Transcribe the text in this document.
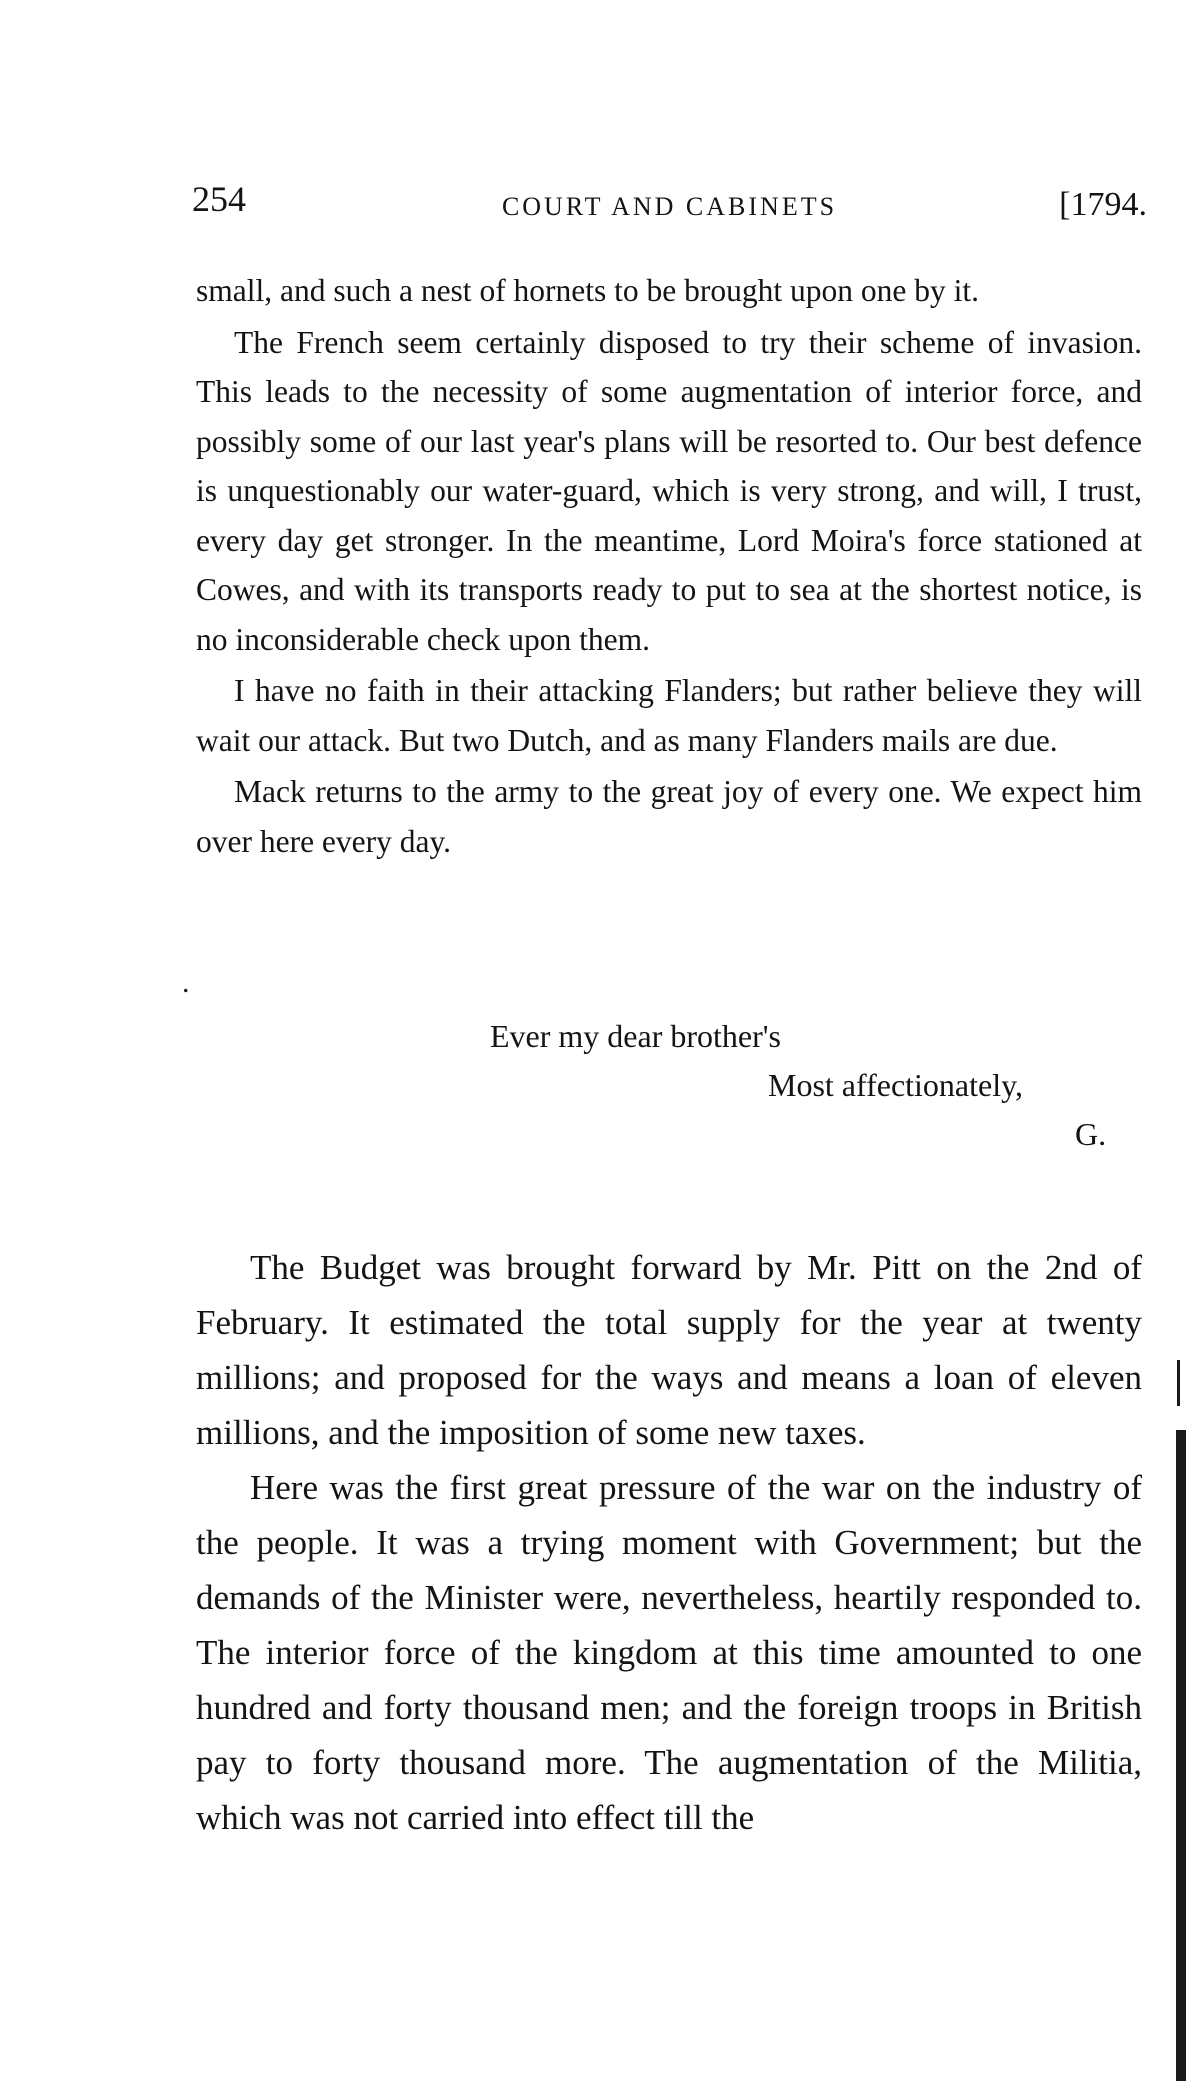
254	COURT AND CABINETS	[1794.

small, and such a nest of hornets to be brought upon one by it.

The French seem certainly disposed to try their scheme of invasion. This leads to the necessity of some augmentation of interior force, and possibly some of our last year's plans will be resorted to. Our best defence is unquestionably our water-guard, which is very strong, and will, I trust, every day get stronger. In the meantime, Lord Moira's force stationed at Cowes, and with its transports ready to put to sea at the shortest notice, is no inconsiderable check upon them.

I have no faith in their attacking Flanders; but rather believe they will wait our attack. But two Dutch, and as many Flanders mails are due.

Mack returns to the army to the great joy of every one. We expect him over here every day.

.
Ever my dear brother's
Most affectionately,
G.

The Budget was brought forward by Mr. Pitt on the 2nd of February. It estimated the total supply for the year at twenty millions; and proposed for the ways and means a loan of eleven millions, and the imposition of some new taxes.

Here was the first great pressure of the war on the industry of the people. It was a trying moment with Government; but the demands of the Minister were, nevertheless, heartily responded to. The interior force of the kingdom at this time amounted to one hundred and forty thousand men; and the foreign troops in British pay to forty thousand more. The augmentation of the Militia, which was not carried into effect till the
